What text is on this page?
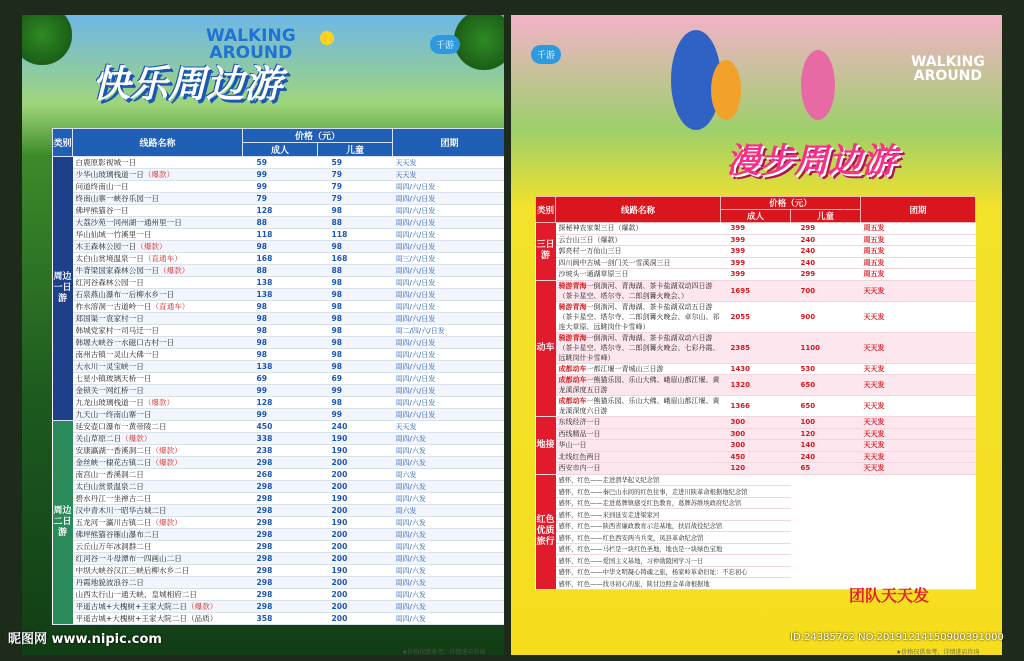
千游
WALKING
AROUND
快乐周边游
类别	线路名称	价格（元）		团期
		成人	儿童	
周边一日游	白鹿原影视城一日	59	59	天天发
	少华山玻璃栈道一日（爆款）	99	79	天天发
	问道终南山一日	99	79	周四/六/日发
	终南山寨一峡谷乐园一日	79	79	周四/六/日发
	佛坪熊猫谷一日	128	98	周四/六/日发
	大荔沙苑一同州湖一通州里一日	88	88	周四/六/日发
	华山仙域一竹溪里一日	118	118	周四/六/日发
	木王森林公园一日（爆款）	98	98	周四/六/日发
	太白山赏境温泉一日（直通车）	168	168	周三/六/日发
	牛背梁国家森林公园一日（爆款）	88	88	周四/六/日发
	红河谷森林公园一日	138	98	周四/六/日发
	石泉燕山瀑布一后柳水乡一日	138	98	周四/六/日发
	柞水溶洞一古道岭一日（直通车）	98	98	周四/六/日发
	郑国渠一袁家村一日	98	98	周四/六/日发
	韩城党家村一司马迁一日	98	98	周二/四/六/日发
	韩塬大峡谷一水磁口古村一日	98	98	周四/六/日发
	南州古镇一灵山大佛一日	98	98	周四/六/日发
	大水川一灵宝峡一日	138	98	周四/六/日发
	七星小镇玻璃天桥一日	69	69	周四/六/日发
	金锁关一网红桥一日	99	99	周四/六/日发
	九龙山玻璃栈道一日（爆款）	128	98	周四/六/日发
	九天山一终南山寨一日	99	99	周四/六/日发
周边二日游	延安壶口瀑布一黄帝陵二日	450	240	天天发
	关山草原二日（爆款）	338	190	周四/六发
	安康瀛湖一香溪洞二日（爆款）	238	190	周四/六发
	金丝峡一棣花古镇二日（爆款）	298	200	周四/六发
	南宫山一香溪洞二日	268	200	周六发
	太白山赏景温泉二日	298	200	周四/六发
	碧水丹江一坐禅古二日	298	190	周四/六发
	汉中青木川一昭华古城二日	298	200	周六发
	五龙河一瀛川古镇二日（爆款）	298	190	周四/六发
	佛坪熊猫谷雁山瀑布二日	298	200	周四/六发
	云丘山万年冰洞群二日	298	200	周四/六发
	红河谷一斗母潭布一四画山二日	298	200	周四/六发
	中坝大峡谷汉江三峡后柳水乡二日	298	190	周四/六发
	丹霞地貌波浪谷二日	298	200	周四/六发
	山西太行山一通天峡、皇城相府二日	298	200	周四/六发
	平遥古城+大槐树+王家大院二日（爆款）	298	200	周四/六发
	平遥古城+大槐树+王家大院二日（品质）	358	200	周四/六发
★价格仅供参考，详情进店咨询
千游	WALKING
AROUND
漫步周边游
类别	线路名称	价格（元）		团期
		成人	儿童	
三日游	探秘神农家架三日（爆款）	399	299	周五发
	云台山三日（爆款）	399	240	周五发
	郭亮村一万仙山三日	399	240	周五发
	四川阆中古城一剑门关一雪溪洞三日	399	240	周五发
	沙坡头一通湖草原三日	399	299	周五发
动车	骑游青海一倒淌河、青海湖、茶卡盐湖双动四日游（茶卡星空、塔尔寺、二郎剑篝火晚会、）	1695	700	天天发
	骑游青海一倒淌河、青海湖、茶卡盐湖双动五日游（茶卡星空、塔尔寺、二郎剑篝火晚会、卓尔山、祁连大草原、远眺岗什卡雪峰）	2055	900	天天发
	骑游青海一倒淌河、青海湖、茶卡盐湖双动六日游（茶卡星空、塔尔寺、二郎剑篝火晚会、七彩丹霞、远眺岗什卡雪峰）	2385	1100	天天发
	成都动车一都江堰一青城山三日游	1430	530	天天发
	成都动车一熊猫乐园、乐山大佛、峨眉山都江堰、黄龙溪深度五日游	1320	650	天天发
	成都动车一熊猫乐园、乐山大佛、峨眉山都江堰、黄龙溪深度六日游	1366	650	天天发
地接	东线经济一日	300	100	天天发
	西线精品一日	300	120	天天发
	华山一日	300	140	天天发
	北线红色两日	450	240	天天发
	西安市内一日	120	65	天天发
红色优质旅行	感怀，红色——走进渭华起义纪念馆			
	感怀，红色——秦巴山水间的红色往事，走进川陕革命根据地纪念馆			
	感怀，红色——走进葛牌镇感受红色教育，葛牌苏维埃政府纪念馆			
	感怀，红色——来到延安走进梁家河			
	感怀，红色——陕西省廉政教育示范基地，扶眉战役纪念馆			
	感怀，红色——红色西安两当兵变，凤县革命纪念馆			
	感怀，红色——马栏是一块红色圣地，地也是一块绿色宝地			
	感怀，红色——爱国主义基地，习仲勋陵园学习一日			
	感怀，红色——中华文明凝心铸魂之旅，杨家岭革命旧址：不忘初心			
	感怀，红色——找寻初心的旅，陕甘边照金革命根据地			
团队天天发
★价格仅供参考，详情进店咨询
昵图网 www.nipic.com	ID:24385762 NO:20191214150900391000
